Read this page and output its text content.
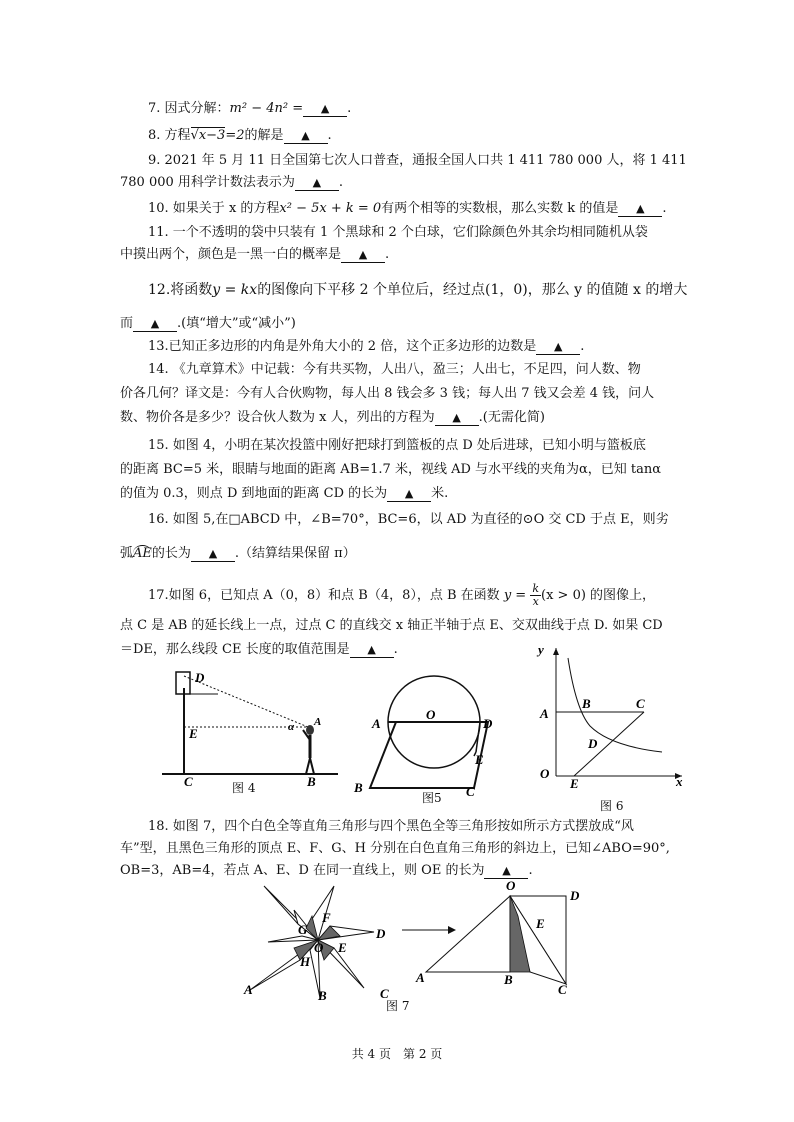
7. 因式分解：m² − 4n² = ▲ .
8. 方程√x−3=2的解是 ▲ .
9. 2021 年 5 月 11 日全国第七次人口普查，通报全国人口共 1 411 780 000 人，将 1 411
780 000 用科学计数法表示为 ▲ .
10. 如果关于 x 的方程x² − 5x + k = 0有两个相等的实数根，那么实数 k 的值是 ▲ .
11. 一个不透明的袋中只装有 1 个黑球和 2 个白球，它们除颜色外其余均相同随机从袋
中摸出两个，颜色是一黑一白的概率是 ▲ .
12.将函数y = kx的图像向下平移 2 个单位后，经过点(1，0)，那么 y 的值随 x 的增大
而 ▲ .(填“增大”或“减小”)
13.已知正多边形的内角是外角大小的 2 倍，这个正多边形的边数是 ▲ .
14. 《九章算术》中记载：今有共买物，人出八，盈三；人出七，不足四，问人数、物
价各几何？译文是：今有人合伙购物，每人出 8 钱会多 3 钱；每人出 7 钱又会差 4 钱，问人
数、物价各是多少？设合伙人数为 x 人，列出的方程为 ▲ .(无需化简)
15. 如图 4，小明在某次投篮中刚好把球打到篮板的点 D 处后进球，已知小明与篮板底
的距离 BC=5 米，眼睛与地面的距离 AB=1.7 米，视线 AD 与水平线的夹角为α，已知 tanα
的值为 0.3，则点 D 到地面的距离 CD 的长为 ▲ 米.
16. 如图 5,在□ABCD 中，∠B=70°，BC=6，以 AD 为直径的⊙O 交 CD 于点 E，则劣
弧AE的长为 ▲ .（结算结果保留 π）
17.如图 6，已知点 A（0，8）和点 B（4，8），点 B 在函数 $y = \frac{k}{x} (x > 0)$ 的图像上，
点 C 是 AB 的延长线上一点，过点 C 的直线交 x 轴正半轴于点 E、交双曲线于点 D. 如果 CD
＝DE，那么线段 CE 长度的取值范围是 ▲ .
D
E
A
α
C	B
图 4
A
O
D
E
B	C
图5
y
x
A
B	C
D
O
E
图 6
18. 如图 7，四个白色全等直角三角形与四个黑色全等三角形按如所示方式摆放成“风
车”型，且黑色三角形的顶点 E、F、G、H 分别在白色直角三角形的斜边上，已知∠ABO=90°,
OB=3，AB=4，若点 A、E、D 在同一直线上，则 OE 的长为 ▲ .
F
G
O
D
E
H
A	B	C
O
D
E
A	B
C
图 7
共 4 页　第 2 页
